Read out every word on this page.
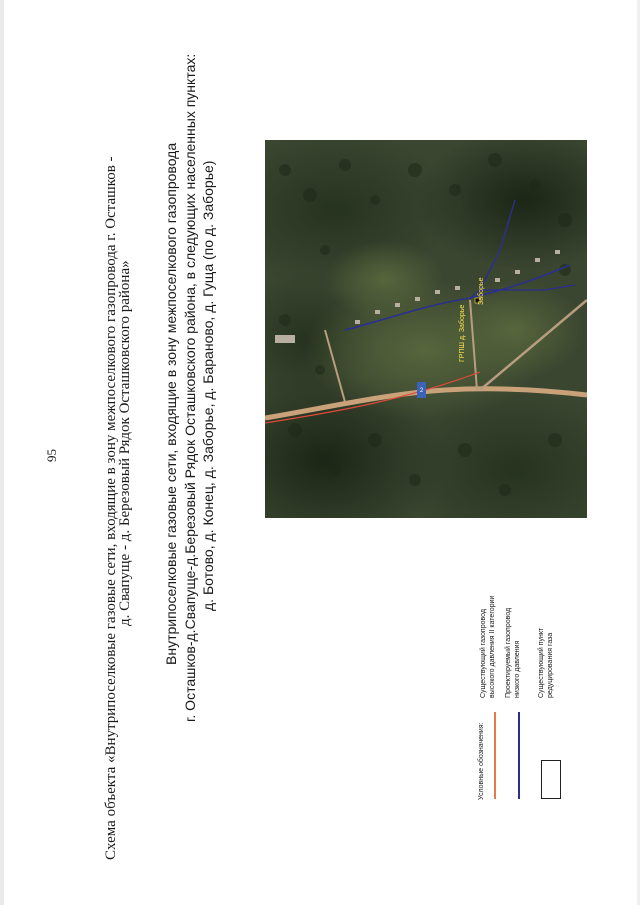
95	Схема объекта «Внутрипоселковые газовые сети, входящие в зону межпоселкового газопровода г. Осташков -
д. Свапуще - д. Березовый Рядок Осташковского района» Внутрипоселковые газовые сети, входящие в зону межпоселкового газопровода г. Осташков-д.Свапуще-д.Березовый Рядок Осташковского района, в следующих населенных пунктах: д. Ботово, д. Конец, д. Заборье, д. Бараново, д. Гуща (по д. Заборье)	2
Заборье
ГРПШ д. Заборье
Условные обозначения:
Существующий газопровод высокого давления II категории Проектируемый газопровод низкого давления Существующий пункт редуцирования газа
